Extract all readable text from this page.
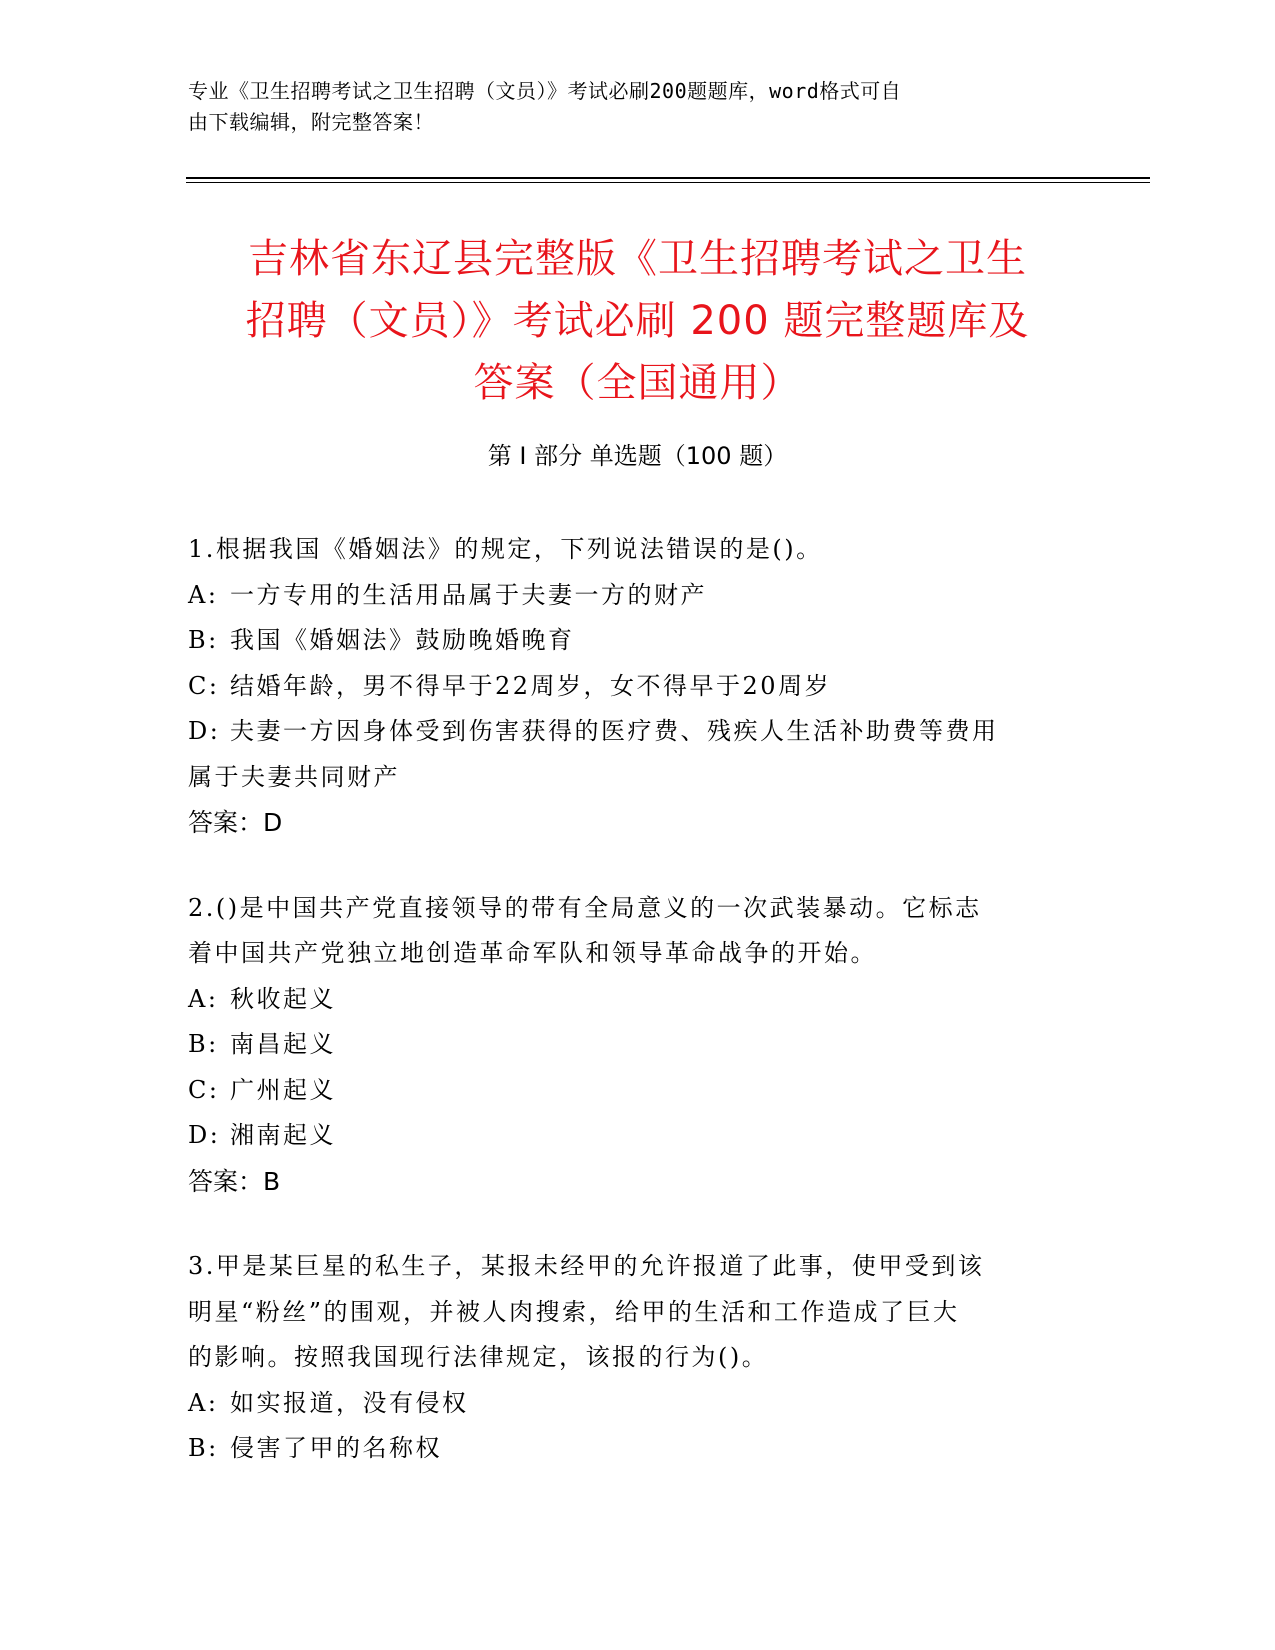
专业《卫生招聘考试之卫生招聘（文员）》考试必刷200题题库，word格式可自
由下载编辑，附完整答案！
吉林省东辽县完整版《卫生招聘考试之卫生
招聘（文员）》考试必刷 200 题完整题库及
答案（全国通用）
第 I 部分 单选题（100 题）
1.根据我国《婚姻法》的规定，下列说法错误的是()。
A: 一方专用的生活用品属于夫妻一方的财产
B: 我国《婚姻法》鼓励晚婚晚育
C: 结婚年龄，男不得早于22周岁，女不得早于20周岁
D: 夫妻一方因身体受到伤害获得的医疗费、残疾人生活补助费等费用
属于夫妻共同财产
答案：D
2.()是中国共产党直接领导的带有全局意义的一次武装暴动。它标志
着中国共产党独立地创造革命军队和领导革命战争的开始。
A: 秋收起义
B: 南昌起义
C: 广州起义
D: 湘南起义
答案：B
3.甲是某巨星的私生子，某报未经甲的允许报道了此事，使甲受到该
明星“粉丝”的围观，并被人肉搜索，给甲的生活和工作造成了巨大
的影响。按照我国现行法律规定，该报的行为()。
A: 如实报道，没有侵权
B: 侵害了甲的名称权
